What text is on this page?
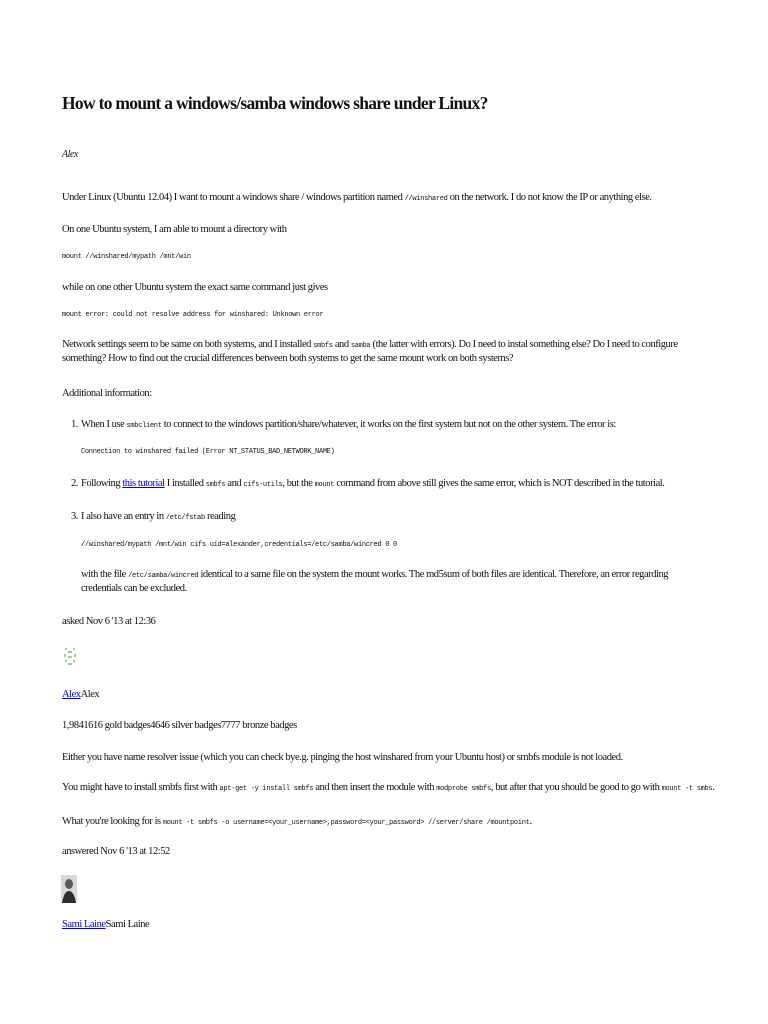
How to mount a windows/samba windows share under Linux?
Alex
Under Linux (Ubuntu 12.04) I want to mount a windows share / windows partition named //winshared on the network. I do not know the IP or anything else.
On one Ubuntu system, I am able to mount a directory with
mount //winshared/mypath /mnt/win
while on one other Ubuntu system the exact same command just gives
mount error: could not resolve address for winshared: Unknown error
Network settings seem to be same on both systems, and I installed smbfs and samba (the latter with errors). Do I need to instal something else? Do I need to configure something? How to find out the crucial differences between both systems to get the same mount work on both systems?
Additional information:
1. When I use smbclient to connect to the windows partition/share/whatever, it works on the first system but not on the other system. The error is:
Connection to winshared failed (Error NT_STATUS_BAD_NETWORK_NAME)
2. Following this tutorial I installed smbfs and cifs-utils, but the mount command from above still gives the same error, which is NOT described in the tutorial.
3. I also have an entry in /etc/fstab reading
//winshared/mypath /mnt/win cifs uid=alexander,credentials=/etc/samba/wincred 0 0
with the file /etc/samba/wincred identical to a same file on the system the mount works. The md5sum of both files are identical. Therefore, an error regarding credentials can be excluded.
asked Nov 6 '13 at 12:36
AlexAlex
1,9841616 gold badges4646 silver badges7777 bronze badges
Either you have name resolver issue (which you can check bye.g. pinging the host winshared from your Ubuntu host) or smbfs module is not loaded.
You might have to install smbfs first with apt-get -y install smbfs and then insert the module with modprobe smbfs, but after that you should be good to go with mount -t smbs.
What you're looking for is mount -t smbfs -o username=<your_username>,password=<your_password> //server/share /mountpoint.
answered Nov 6 '13 at 12:52
Sami LaineSami Laine
